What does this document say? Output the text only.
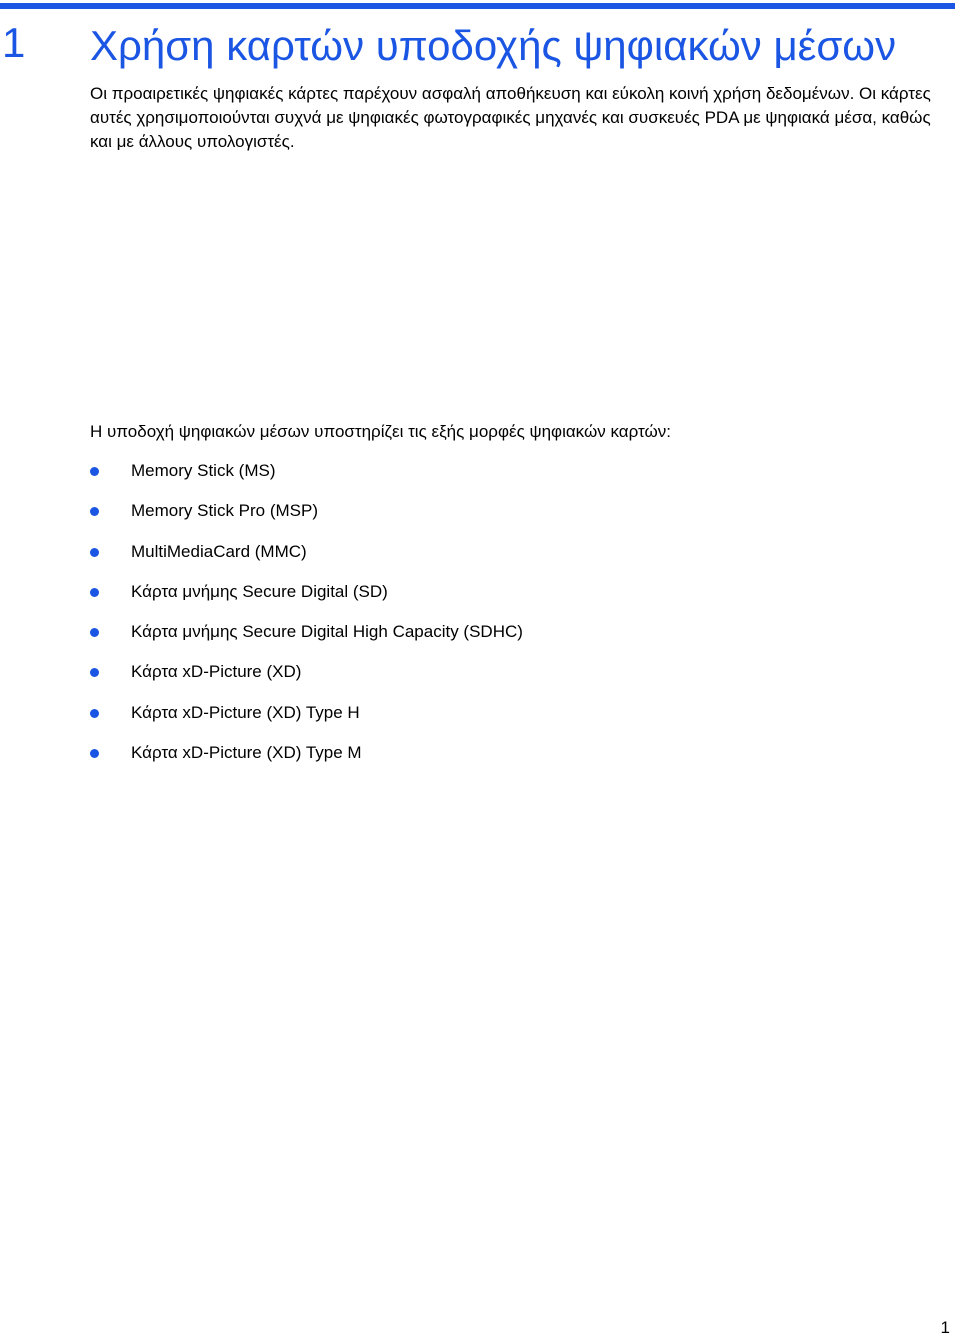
1 Χρήση καρτών υποδοχής ψηφιακών μέσων

Οι προαιρετικές ψηφιακές κάρτες παρέχουν ασφαλή αποθήκευση και εύκολη κοινή χρήση δεδομένων. Οι κάρτες αυτές χρησιμοποιούνται συχνά με ψηφιακές φωτογραφικές μηχανές και συσκευές PDA με ψηφιακά μέσα, καθώς και με άλλους υπολογιστές.

Η υποδοχή ψηφιακών μέσων υποστηρίζει τις εξής μορφές ψηφιακών καρτών:

Memory Stick (MS)
Memory Stick Pro (MSP)
MultiMediaCard (MMC)
Κάρτα μνήμης Secure Digital (SD)
Κάρτα μνήμης Secure Digital High Capacity (SDHC)
Κάρτα xD-Picture (XD)
Κάρτα xD-Picture (XD) Type H
Κάρτα xD-Picture (XD) Type M
1
